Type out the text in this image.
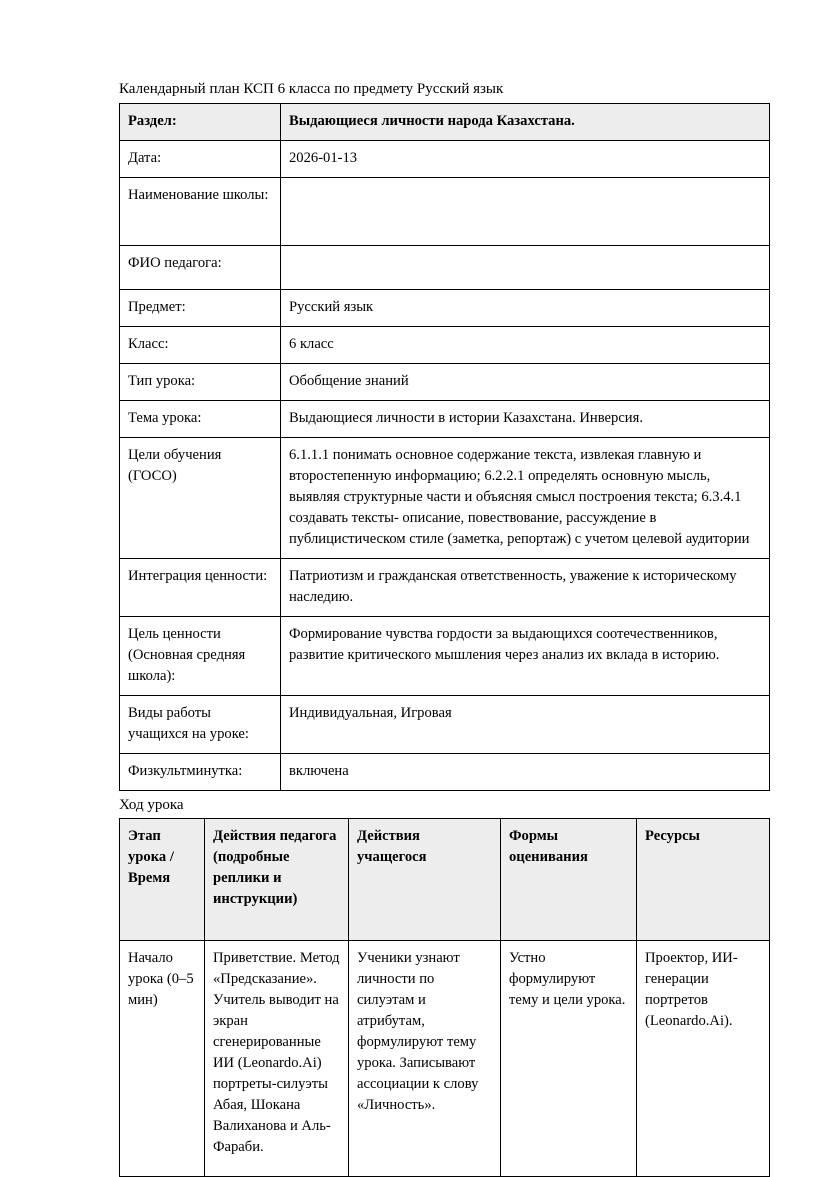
Календарный план КСП 6 класса по предмету Русский язык
Раздел:	Выдающиеся личности народа Казахстана.
Дата:	2026-01-13
Наименование школы:	
ФИО педагога:	
Предмет:	Русский язык
Класс:	6 класс
Тип урока:	Обобщение знаний
Тема урока:	Выдающиеся личности в истории Казахстана. Инверсия.
Цели обучения (ГОСО)	6.1.1.1 понимать основное содержание текста, извлекая главную и второстепенную информацию; 6.2.2.1 определять основную мысль, выявляя структурные части и объясняя смысл построения текста; 6.3.4.1 создавать тексты- описание, повествование, рассуждение в публицистическом стиле (заметка, репортаж) с учетом целевой аудитории
Интеграция ценности:	Патриотизм и гражданская ответственность, уважение к историческому наследию.
Цель ценности (Основная средняя школа):	Формирование чувства гордости за выдающихся соотечественников, развитие критического мышления через анализ их вклада в историю.
Виды работы учащихся на уроке:	Индивидуальная, Игровая
Физкультминутка:	включена
Ход урока
Этап урока / Время	Действия педагога (подробные реплики и инструкции)	Действия учащегося	Формы оценивания	Ресурсы
Начало урока (0–5 мин)	Приветствие. Метод «Предсказание». Учитель выводит на экран сгенерированные ИИ (Leonardo.Ai) портреты-силуэты Абая, Шокана Валиханова и Аль-Фараби.	Ученики узнают личности по силуэтам и атрибутам, формулируют тему урока. Записывают ассоциации к слову «Личность».	Устно формулируют тему и цели урока.	Проектор, ИИ-генерации портретов (Leonardo.Ai).
